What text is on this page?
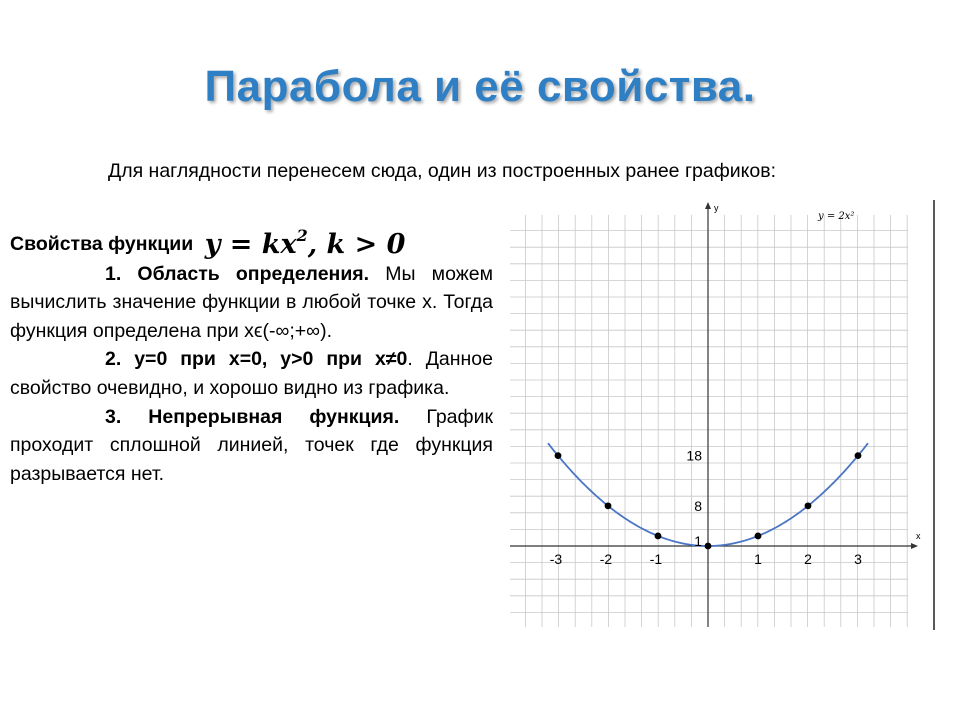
Парабола и её свойства.
Для наглядности перенесем сюда, один из построенных ранее графиков:

Свойства функции $y = kx^2$, k > 0

1. Область определения. Мы можем вычислить значение функции в любой точке х. Тогда функция определена при хϵ(-∞;+∞).

2. у=0 при х=0, у>0 при х≠0. Данное свойство очевидно, и хорошо видно из графика.

3. Непрерывная функция. График проходит сплошной линией, точек где функция разрывается нет.

-3	-2	-1	1	2	3
18
8
1
y = 2x²
x
y
